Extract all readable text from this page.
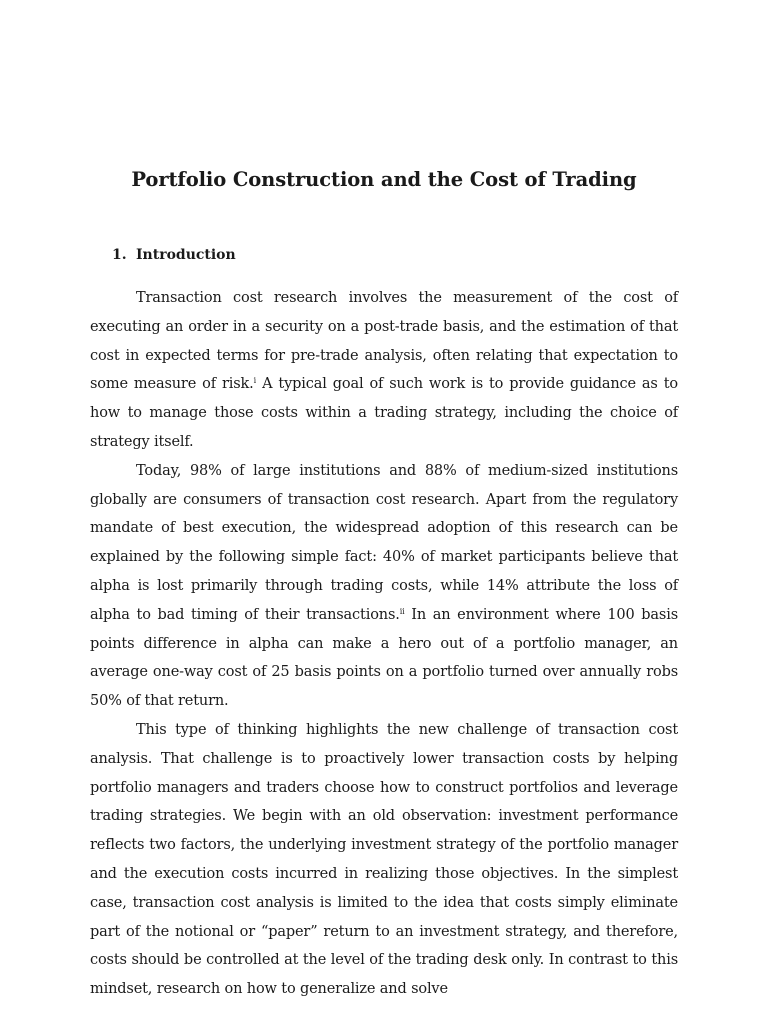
Portfolio Construction and the Cost of Trading
1. Introduction

Transaction cost research involves the measurement of the cost of executing an order in a security on a post-trade basis, and the estimation of that cost in expected terms for pre-trade analysis, often relating that expectation to some measure of risk.$^i$ A typical goal of such work is to provide guidance as to how to manage those costs within a trading strategy, including the choice of strategy itself.

Today, 98% of large institutions and 88% of medium-sized institutions globally are consumers of transaction cost research. Apart from the regulatory mandate of best execution, the widespread adoption of this research can be explained by the following simple fact: 40% of market participants believe that alpha is lost primarily through trading costs, while 14% attribute the loss of alpha to bad timing of their transactions.$^{ii}$ In an environment where 100 basis points difference in alpha can make a hero out of a portfolio manager, an average one-way cost of 25 basis points on a portfolio turned over annually robs 50% of that return.

This type of thinking highlights the new challenge of transaction cost analysis. That challenge is to proactively lower transaction costs by helping portfolio managers and traders choose how to construct portfolios and leverage trading strategies. We begin with an old observation: investment performance reflects two factors, the underlying investment strategy of the portfolio manager and the execution costs incurred in realizing those objectives. In the simplest case, transaction cost analysis is limited to the idea that costs simply eliminate part of the notional or “paper” return to an investment strategy, and therefore, costs should be controlled at the level of the trading desk only. In contrast to this mindset, research on how to generalize and solve
